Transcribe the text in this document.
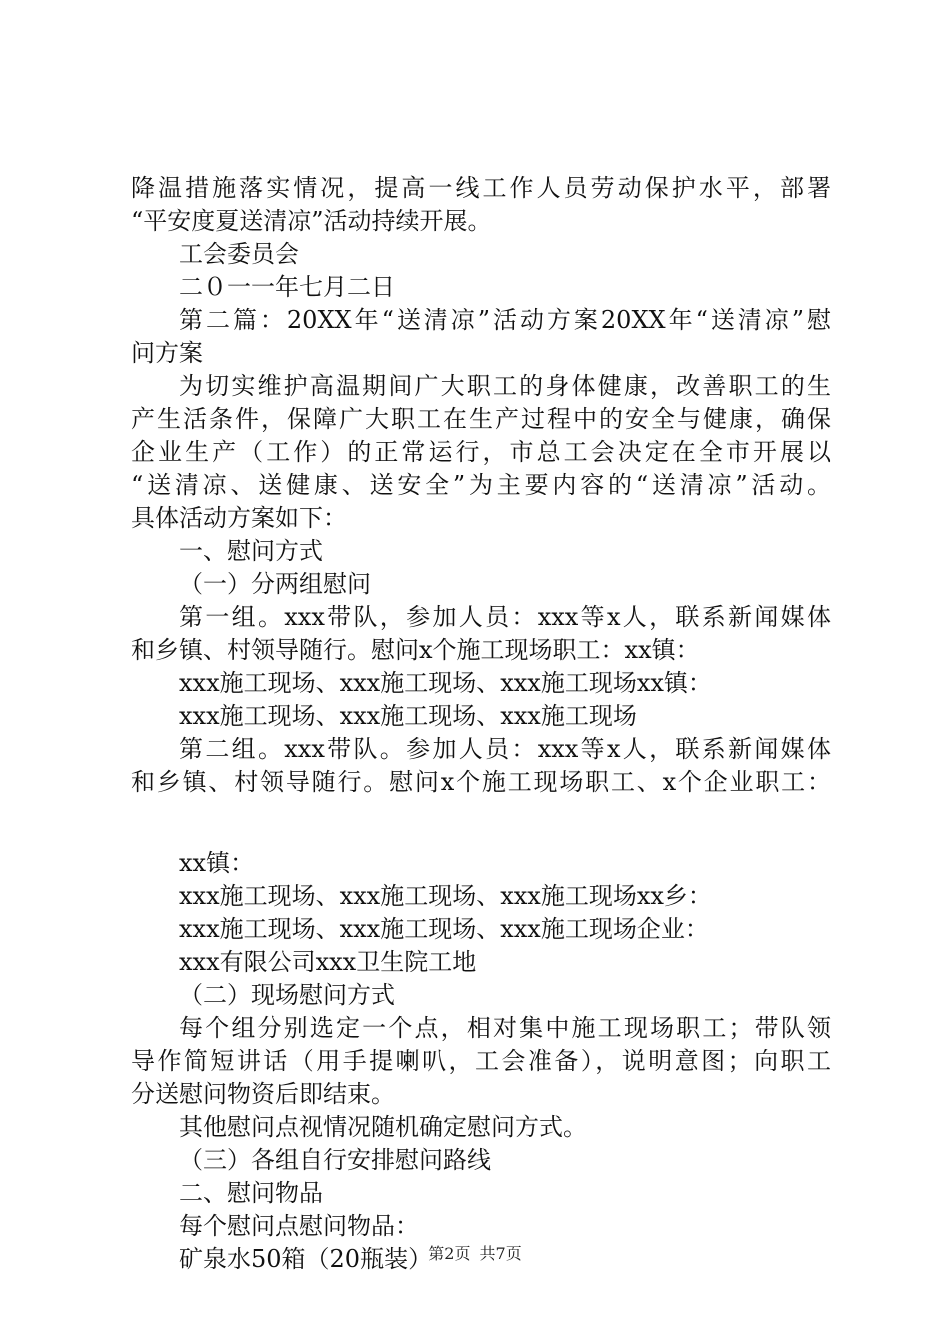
降温措施落实情况，提高一线工作人员劳动保护水平，部署
“平安度夏送清凉”活动持续开展。
工会委员会
二０一一年七月二日
第二篇：20XX年“送清凉”活动方案20XX年“送清凉”慰
问方案
为切实维护高温期间广大职工的身体健康，改善职工的生
产生活条件，保障广大职工在生产过程中的安全与健康，确保
企业生产（工作）的正常运行，市总工会决定在全市开展以
“送清凉、送健康、送安全”为主要内容的“送清凉”活动。
具体活动方案如下：
一、慰问方式
（一）分两组慰问
第一组。xxx带队，参加人员：xxx等x人，联系新闻媒体
和乡镇、村领导随行。慰问x个施工现场职工：xx镇：
xxx施工现场、xxx施工现场、xxx施工现场xx镇：
xxx施工现场、xxx施工现场、xxx施工现场
第二组。xxx带队。参加人员：xxx等x人，联系新闻媒体
和乡镇、村领导随行。慰问x个施工现场职工、x个企业职工：
xx镇：
xxx施工现场、xxx施工现场、xxx施工现场xx乡：
xxx施工现场、xxx施工现场、xxx施工现场企业：
xxx有限公司xxx卫生院工地
（二）现场慰问方式
每个组分别选定一个点，相对集中施工现场职工；带队领
导作简短讲话（用手提喇叭，工会准备），说明意图；向职工
分送慰问物资后即结束。
其他慰问点视情况随机确定慰问方式。
（三）各组自行安排慰问路线
二、慰问物品
每个慰问点慰问物品：
矿泉水50箱（20瓶装）
第2页 共7页
